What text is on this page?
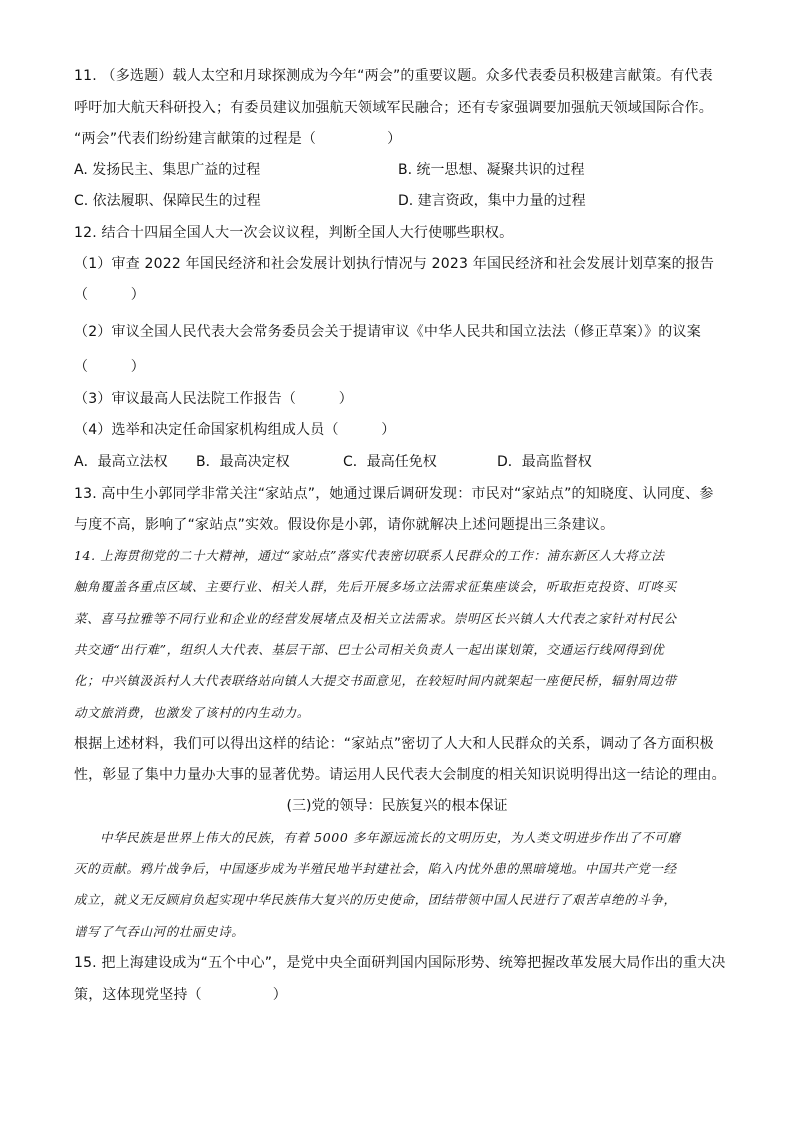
11. （多选题）载人太空和月球探测成为今年“两会”的重要议题。众多代表委员积极建言献策。有代表
呼吁加大航天科研投入；有委员建议加强航天领域军民融合；还有专家强调要加强航天领域国际合作。
“两会”代表们纷纷建言献策的过程是（　　　　　）
A. 发扬民主、集思广益的过程	B. 统一思想、凝聚共识的过程
C. 依法履职、保障民生的过程	D. 建言资政，集中力量的过程
12. 结合十四届全国人大一次会议议程，判断全国人大行使哪些职权。
（1）审查 2022 年国民经济和社会发展计划执行情况与 2023 年国民经济和社会发展计划草案的报告
（　　　）
（2）审议全国人民代表大会常务委员会关于提请审议《中华人民共和国立法法（修正草案）》的议案
（　　　）
（3）审议最高人民法院工作报告（　　　）
（4）选举和决定任命国家机构组成人员（　　　）
A．最高立法权 B．最高决定权	C．最高任免权	D．最高监督权
13. 高中生小郭同学非常关注“家站点”，她通过课后调研发现：市民对“家站点”的知晓度、认同度、参
与度不高，影响了“家站点”实效。假设你是小郭，请你就解决上述问题提出三条建议。
14. 上海贯彻党的二十大精神，通过“家站点”落实代表密切联系人民群众的工作：浦东新区人大将立法
触角覆盖各重点区域、主要行业、相关人群，先后开展多场立法需求征集座谈会，听取拒克投资、叮咚买
菜、喜马拉雅等不同行业和企业的经营发展堵点及相关立法需求。崇明区长兴镇人大代表之家针对村民公
共交通“出行难”，组织人大代表、基层干部、巴士公司相关负责人一起出谋划策，交通运行线网得到优
化；中兴镇汲浜村人大代表联络站向镇人大提交书面意见，在较短时间内就架起一座便民桥，辐射周边带
动文旅消费，也激发了该村的内生动力。
根据上述材料，我们可以得出这样的结论：“家站点”密切了人大和人民群众的关系，调动了各方面积极
性，彰显了集中力量办大事的显著优势。请运用人民代表大会制度的相关知识说明得出这一结论的理由。
(三)党的领导：民族复兴的根本保证
中华民族是世界上伟大的民族，有着 5000 多年源远流长的文明历史，为人类文明进步作出了不可磨
灭的贡献。鸦片战争后，中国逐步成为半殖民地半封建社会，陷入内忧外患的黑暗境地。中国共产党一经
成立，就义无反顾肩负起实现中华民族伟大复兴的历史使命，团结带领中国人民进行了艰苦卓绝的斗争，
谱写了气吞山河的壮丽史诗。
15. 把上海建设成为“五个中心”，是党中央全面研判国内国际形势、统筹把握改革发展大局作出的重大决
策，这体现党坚持（　　　　　）
